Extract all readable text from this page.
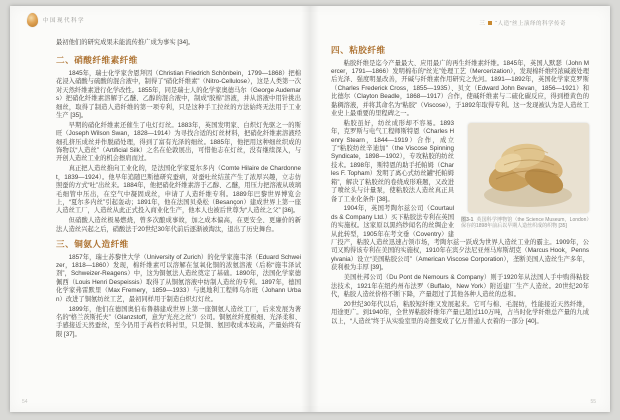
中国现代科学	三 “人造”丝上演绎的科学传奇

最初他们的研究成果未能流传推广成为事实 [34]。

二、硝酸纤维素纤维

1845年，瑞士化学家舍恩拜因（Christian Friedrich Schönbein，1799—1868）把棉花浸入硝酸与硫酸的混合液中，制得了“硝化纤维素”（Nitro-Cellulose），这是人类第一次对天然纤维素进行化学改性。1855年，同是瑞士人的化学家奥德马尔（George Audemars）把硝化纤维素溶解于乙醚、乙醇的混合液中，制成“胶棉”溶液，并从溶液中用针挑出细丝，取得了制造人造纤维的第一项专利，只是这种手工拉丝的方法始终无法用于工业生产 [35]。

早期的硝化纤维素还催生了电灯灯丝。1883年，英国发明家、白炽灯先驱之一的斯旺（Joseph Wilson Swan，1828—1914）为寻找合适的灯丝材料，把硝化纤维素溶液经细孔挤压成丝并作脱硝处理，得到了富有光泽的细丝。1885年，他把用这种细丝织成的饰物以“人造丝”（Artificial Silk）之名在伦敦展出，可惜他志在灯丝，没有继续深入，与开创人造丝工业的机会擦肩而过。

真正把人造丝推向工业化的，是法国化学家夏尔多内（Comte Hilaire de Chardonnet，1839—1924）。他早年追随巴斯德研究蚕病，对蚕吐丝结茧产生了浓厚兴趣，立志仿照蚕的方式“吐”出丝来。1884年，他把硝化纤维素溶于乙醇、乙醚，用压力把溶液从玻璃毛细管中压出，在空气中凝固成丝，申请了人造纤维专利。1889年巴黎世界博览会上，“夏尔多内丝”引起轰动；1891年，他在法国贝桑松（Besançon）建成世界上第一座人造丝工厂，人造丝从此正式投入商业化生产，他本人也被后世尊为“人造丝之父” [36]。

但硝酸人造丝极易燃烧，曾多次酿成事故，加之成本偏高，在更安全、更廉价的新法人造丝兴起之后，硝酸法于20世纪30年代前后逐渐被淘汰，退出了历史舞台。

三、铜氨人造纤维

1857年，瑞士苏黎世大学（University of Zurich）的化学家施韦泽（Eduard Schweizer，1818—1860）发现，棉纤维素可以溶解在氢氧化铜的浓氨溶液（后称“施韦泽试剂”，Schweizer-Reagens）中，这为铜氨法人造丝奠定了基础。1890年，法国化学家德佩西（Louis Henri Despeissis）取得了从铜氨溶液中纺制人造丝的专利。1897年，德国化学家弗雷默里（Max Fremery，1859—1933）与奥地利工程师乌尔班（Johann Urban）改进了铜氨纺丝工艺，最初同样用于制造白炽灯灯丝。

1899年，他们在德国奥伯布鲁赫建成世界上第一座铜氨人造丝工厂，后来发展为著名的“格兰茨斯托夫”（Glanzstoff，意为“光亮之丝”）公司。铜氨丝纤度极细、光泽柔和、手感接近天然蚕丝，至今仍用于高档衣料衬里，只是铜、氨回收成本较高，产量始终有限 [37]。

四、粘胶纤维

粘胶纤维是迄今产量最大、应用最广的再生纤维素纤维。1845年，英国人默瑟（John Mercer，1791—1866）发明棉布的“丝光”处理工艺（Mercerization），发现棉纤维经浓碱液处理后光泽、强度明显改善，开碱与纤维素作用研究之先河。1891—1892年，英国化学家克罗斯（Charles Frederick Cross，1855—1935）、贝文（Edward John Bevan，1856—1921）和比德尔（Clayton Beadle，1868—1917）合作，使碱纤维素与二硫化碳反应，得到橙黄色的黏稠溶液，并将其命名为“粘胶”（Viscose），于1892年取得专利。这一发现被认为是人造丝工业史上最重要的里程碑之一。

图3-1 英国科学博物馆（the Science Museum，London）保存的1898年前后以早期人造丝织成的织物 [35]

粘胶虽好，纺丝成形却不容易。1893年，克罗斯与电气工程师斯特恩（Charles Henry Stearn，1844—1919）合作，成立了“粘胶纺丝辛迪加”（the Viscose Spinning Syndicate，1898—1902），专攻粘胶的纺丝技术。1898年，斯特恩的助手托帕姆（Charles F. Topham）发明了离心式纺丝罐“托帕姆箱”，解决了粘胶丝的卷绕成形难题，又改进了喷丝头与计量泵，使粘胶法人造丝真正具备了工业化条件 [38]。

1904年，英国考陶尔兹公司（Courtaulds & Company Ltd.）买下粘胶法专利在英国的实施权。这家原以黑绉纱闻名的丝绸企业从此转型，1905年在考文垂（Coventry）建厂投产，粘胶人造丝迅速占领市场，考陶尔兹一跃成为世界人造丝工业的霸主。1909年，公司又购得该专利在美国的实施权，1910年在宾夕法尼亚州马库斯胡克（Marcus Hook，Pennsylvania）设立“美国粘胶公司”（American Viscose Corporation），垄断美国人造丝生产多年，获利极为丰厚 [39]。

美国杜邦公司（Du Pont de Nemours & Company）则于1920年从法国人手中购得粘胶法技术，1921年在纽约州布法罗（Buffalo，New York）附近建厂生产人造丝。20世纪20年代，粘胶人造丝价格不断下降，产量超过了其他各种人造丝的总和。

20世纪30年代以后，粘胶短纤维又发展起来。它可与棉、毛混纺，性能接近天然纤维，用途更广。到1940年，全世界粘胶纤维年产量已超过110万吨，占当时化学纤维总产量的九成以上，“人造丝”终于从实验室里的奇想变成了亿万普通人衣着的一部分 [40]。

54	55
